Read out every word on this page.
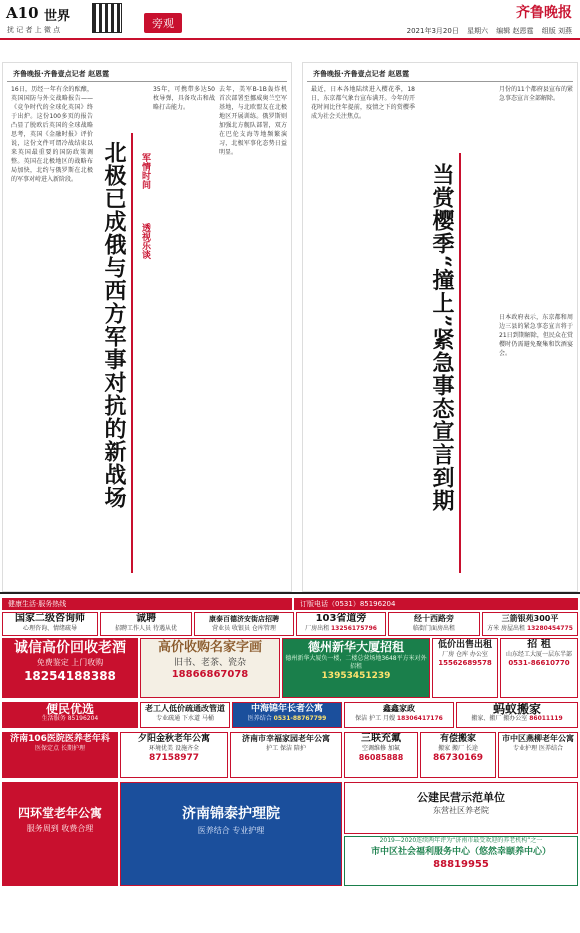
A10 世界
扰 记 者 上 微 点	旁观
齐鲁晚报
2021年3月20日 星期六 编辑 赵恩霆 组版 刘燕
齐鲁晚报·齐鲁壹点记者 赵恩霆
16日，历经一年有余的酝酿，英国国防与外交战略报告——《竞争时代的全球化英国》终于出炉。这份100多页的报告凸显了脱欧后英国的全球战略思考，英国《金融时报》评价说，这份文件可谓冷战结束以来英国最重要的国防政策调整。英国在北极地区的战略布局加快，北约与俄罗斯在北极的军事对峙进入新阶段。	北极已成俄与西方军事对抗的新战场	军情时间
透视乐谈
35年，可携带多达50枚导弹，具备攻击和战略打击能力。
去年，美军B-1B轰炸机首次部署至挪威奥兰空军基地，与北欧盟友在北极地区开展训练。俄罗斯则加强北方舰队部署，双方在巴伦支海等地频繁演习，北极军事化态势日益明显。
齐鲁晚报·齐鲁壹点记者 赵恩霆
最近，日本各地陆续进入樱花季，18日，东京都气象台宣布满开。今年的开花时间比往年提前，疫情之下的赏樱季成为社会关注焦点。
当赏樱季“撞上”紧急事态宣言到期
月份的11个都府县宣布的紧急事态宣言全部解除。
日本政府表示，东京都和周边三县的紧急事态宣言将于21日到期解除，但民众在赏樱时仍需避免聚集和饮酒宴会。
健康生活·服务热线	订版电话（0531）85196204
国家二级咨询师
心理咨询、情绪疏导
诚聘
招聘工作人员 待遇从优
康泰百德济安街店招聘
营业员 收银员 仓库管理
103省道旁
厂房出租 13256175796
经十西路旁
临街门面房出租
三箭银苑300平
方米 房屋出租 13280454775
诚信高价回收老酒
免费鉴定 上门收购
18254188388
高价收购名家字画
旧书、老茶、瓷杂
18866867078
德州新华大厦招租
德州新华大厦负一楼，二楼总营场地3648平方米对外招租
13953451239
低价出售出租
厂房 仓库 办公室
15562689578
招 租
山东经工大厦一层东半部
0531-86610770
便民优选
生活服务 85196204
老工人低价疏通改管道
专业疏通 下水道 马桶
中海锦年长者公寓
医养结合 0531-88767799
鑫鑫家政
保洁 护工 月嫂 18306417176
蚂蚁搬家
搬家、搬厂 搬办公室 86011119
济南106医院医养老年科
医保定点 长期护理
夕阳金秋老年公寓
环境优美 设施齐全
87158977
济南市幸福家园老年公寓
护工 保洁 陪护
三联充氟
空调维修 加氟
86085888
有偿搬家
搬家 搬厂 长途
86730169
市中区燕柳老年公寓
专业护理 医养结合
四环堂老年公寓
服务周到 收费合理
济南锦泰护理院
医养结合 专业护理
公建民营示范单位
东营社区养老院
2019—2020连续两年评为“济南市最受欢迎的养老机构”之一
市中区社会福利服务中心（悠然幸颐养中心）
88819955
